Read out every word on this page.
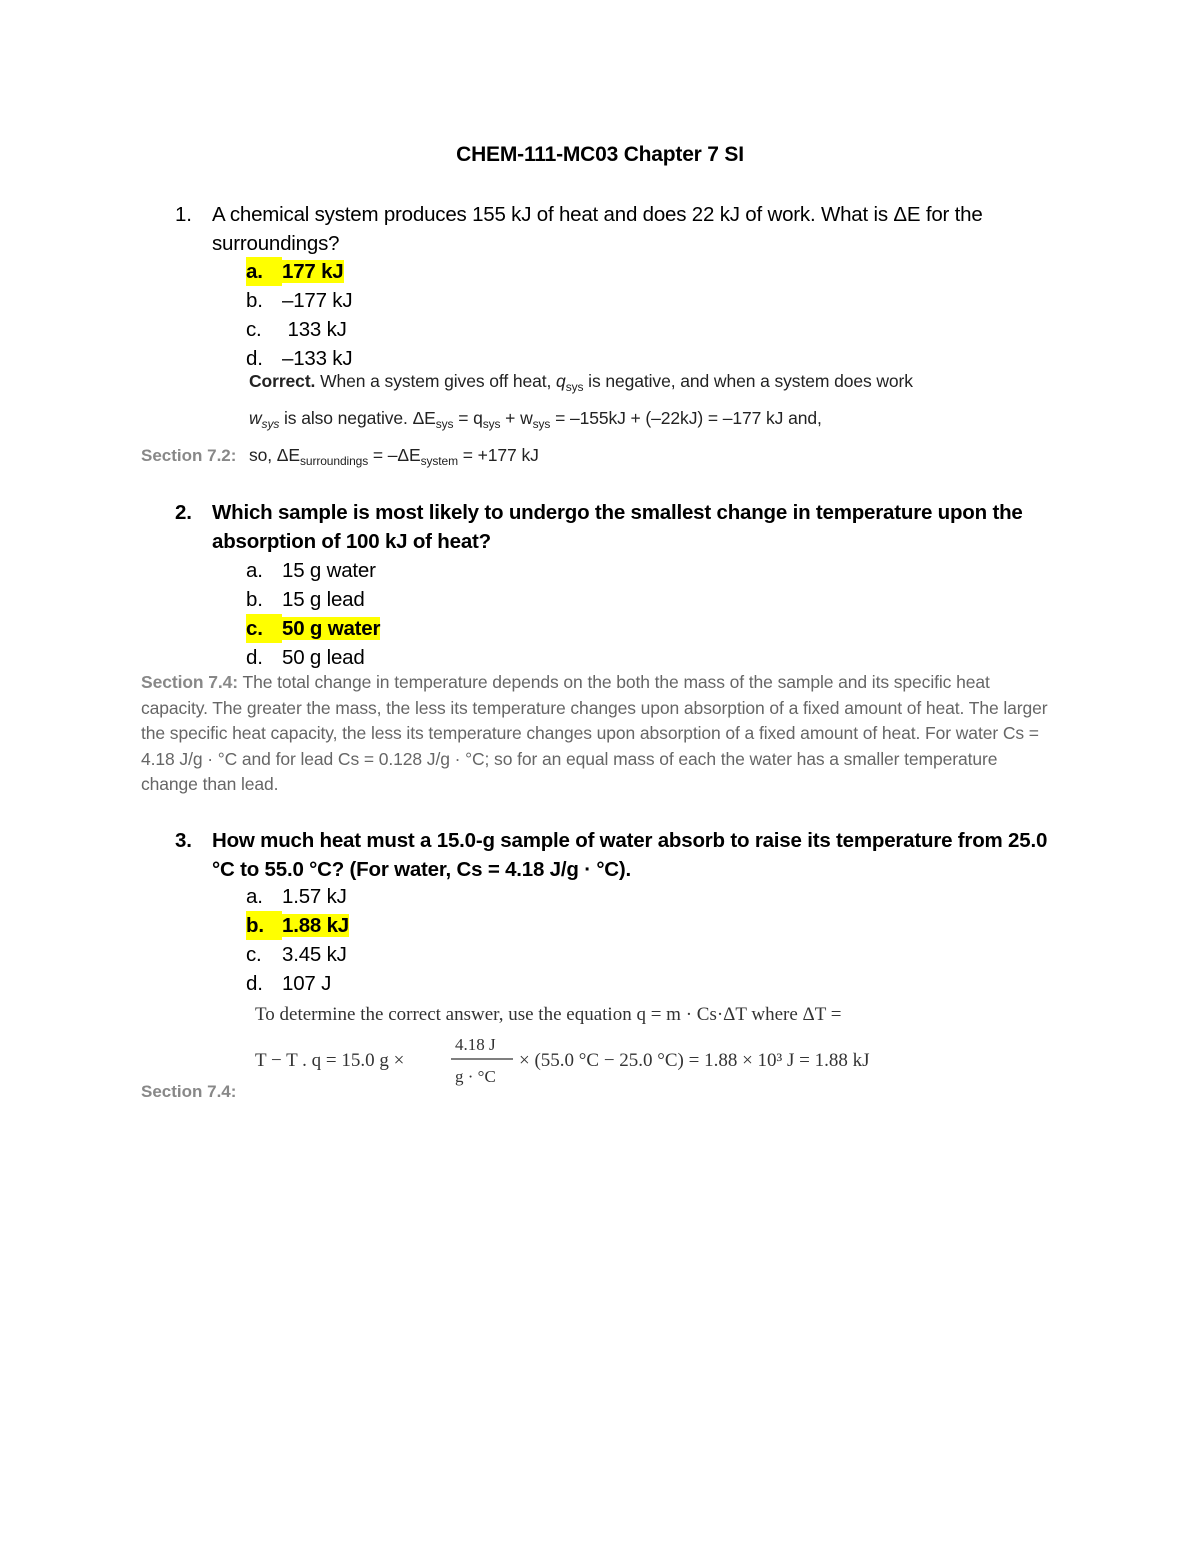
CHEM-111-MC03 Chapter 7 SI
1. A chemical system produces 155 kJ of heat and does 22 kJ of work. What is ΔE for the surroundings?
a. 177 kJ
b. –177 kJ
c. 133 kJ
d. –133 kJ
Correct. When a system gives off heat, $q_{sys}$ is negative, and when a system does work
$w_{sys}$ is also negative. $\Delta E_{sys} = q_{sys} + w_{sys} = -155kJ + (-22kJ) = -177$ kJ and,
so, $\Delta E_{surroundings} = -\Delta E_{system} = +177$ kJ
Section 7.2:
2. Which sample is most likely to undergo the smallest change in temperature upon the absorption of 100 kJ of heat?
a. 15 g water
b. 15 g lead
c. 50 g water
d. 50 g lead
Section 7.4: The total change in temperature depends on the both the mass of the sample and its specific heat capacity. The greater the mass, the less its temperature changes upon absorption of a fixed amount of heat. The larger the specific heat capacity, the less its temperature changes upon absorption of a fixed amount of heat. For water Cs = 4.18 J/g · °C and for lead Cs = 0.128 J/g · °C; so for an equal mass of each the water has a smaller temperature change than lead.
3. How much heat must a 15.0-g sample of water absorb to raise its temperature from 25.0 °C to 55.0 °C? (For water, Cs = 4.18 J/g · °C).
a. 1.57 kJ
b. 1.88 kJ
c. 3.45 kJ
d. 107 J
To determine the correct answer, use the equation q = m · Cs·ΔT where ΔT =
T − T . q = 15.0 g ×
4.18 J
g · °C
× (55.0 °C − 25.0 °C) = 1.88 × 10³ J = 1.88 kJ
Section 7.4:
